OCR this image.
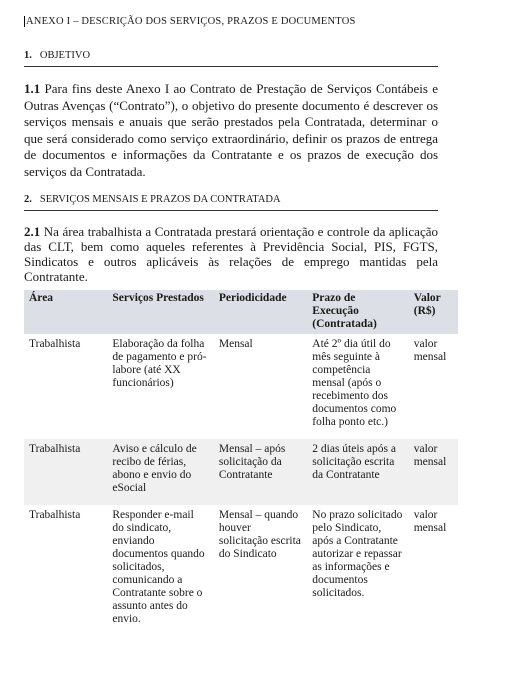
ANEXO I – DESCRIÇÃO DOS SERVIÇOS, PRAZOS E DOCUMENTOS
1. OBJETIVO
1.1 Para fins deste Anexo I ao Contrato de Prestação de Serviços Contábeis e Outras Avenças (“Contrato”), o objetivo do presente documento é descrever os serviços mensais e anuais que serão prestados pela Contratada, determinar o que será considerado como serviço extraordinário, definir os prazos de entrega de documentos e informações da Contratante e os prazos de execução dos serviços da Contratada.
2. SERVIÇOS MENSAIS E PRAZOS DA CONTRATADA
2.1 Na área trabalhista a Contratada prestará orientação e controle da aplicação das CLT, bem como aqueles referentes à Previdência Social, PIS, FGTS, Sindicatos e outros aplicáveis às relações de emprego mantidas pela Contratante.
Área	Serviços Prestados	Periodicidade	Prazo de Execução (Contratada)	Valor (R$)
Trabalhista	Elaboração da folha de pagamento e pró-labore (até XX funcionários)	Mensal	Até 2º dia útil do mês seguinte à competência mensal (após o recebimento dos documentos como folha ponto etc.)	valor mensal
Trabalhista	Aviso e cálculo de recibo de férias, abono e envio do eSocial	Mensal – após solicitação da Contratante	2 dias úteis após a solicitação escrita da Contratante	valor mensal
Trabalhista	Responder e-mail do sindicato, enviando documentos quando solicitados, comunicando a Contratante sobre o assunto antes do envio.	Mensal – quando houver solicitação escrita do Sindicato	No prazo solicitado pelo Sindicato, após a Contratante autorizar e repassar as informações e documentos solicitados.	valor mensal
